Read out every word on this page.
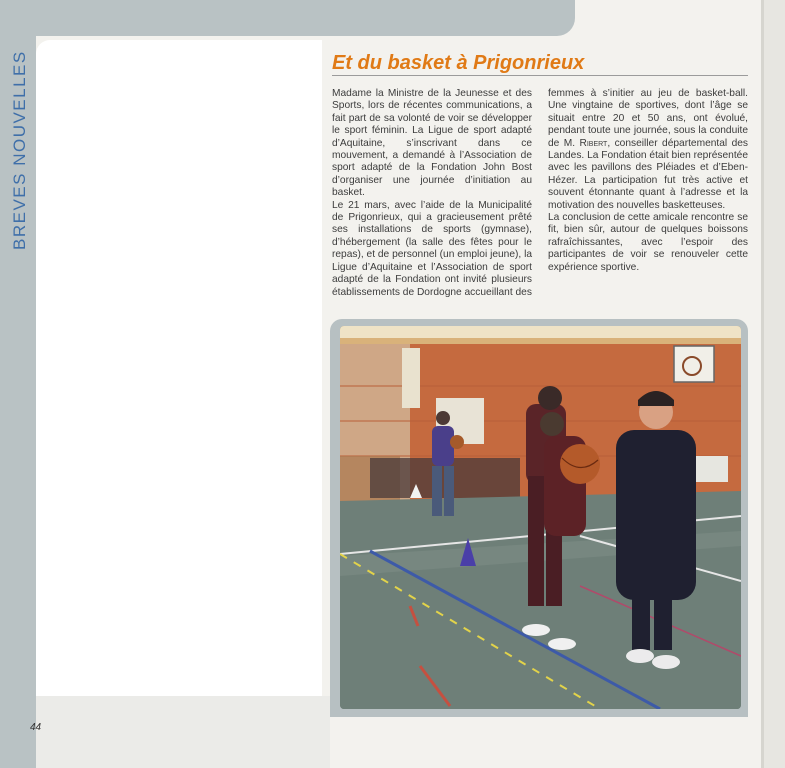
BREVES NOUVELLES
44
Et du basket à Prigonrieux

Madame la Ministre de la Jeunesse et des Sports, lors de récentes communications, a fait part de sa volonté de voir se développer le sport féminin. La Ligue de sport adapté d’Aquitaine, s’inscrivant dans ce mouvement, a demandé à l’Association de sport adapté de la Fondation John Bost d’organiser une journée d’initiation au basket.

Le 21 mars, avec l’aide de la Municipalité de Prigonrieux, qui a gracieusement prêté ses installations de sports (gymnase), d’hébergement (la salle des fêtes pour le repas), et de personnel (un emploi jeune), la Ligue d’Aquitaine et l’Association de sport adapté de la Fondation ont invité plusieurs établissements de Dordogne accueillant des

femmes à s’initier au jeu de basket-ball. Une vingtaine de sportives, dont l’âge se situait entre 20 et 50 ans, ont évolué, pendant toute une journée, sous la conduite de M. Ribert, conseiller départemental des Landes. La Fondation était bien représentée avec les pavillons des Pléiades et d’Eben-Hézer. La participation fut très active et souvent étonnante quant à l’adresse et la motivation des nouvelles basketteuses.

La conclusion de cette amicale rencontre se fit, bien sûr, autour de quelques boissons rafraîchissantes, avec l’espoir des participantes de voir se renouveler cette expérience sportive.
